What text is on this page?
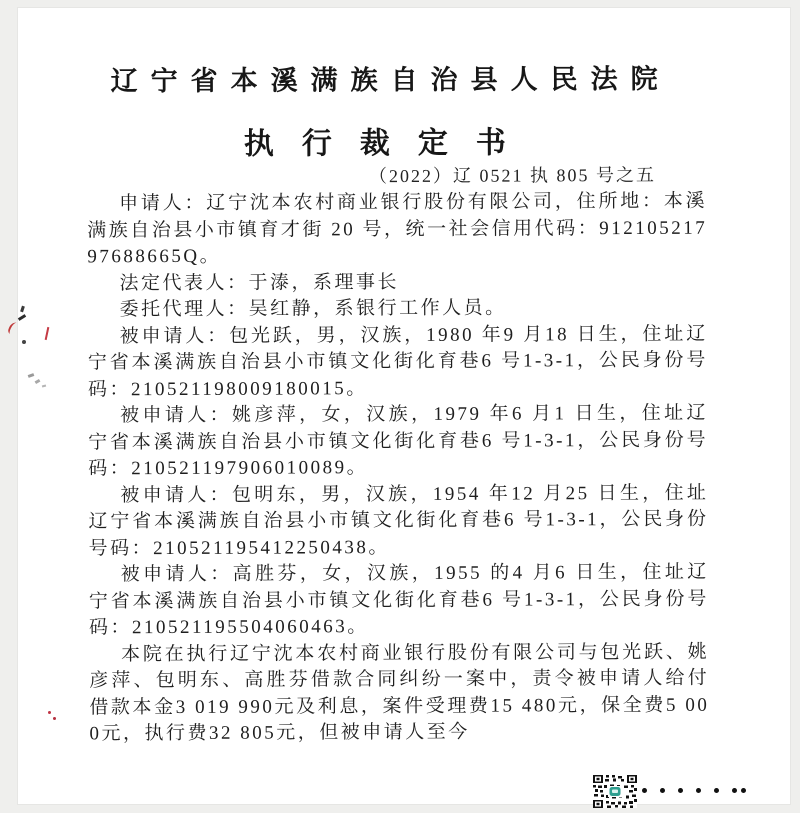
辽宁省本溪满族自治县人民法院
执行裁定书
（2022）辽 0521 执 805 号之五

申请人：辽宁沈本农村商业银行股份有限公司，住所地：本溪满族自治县小市镇育才街 20 号，统一社会信用代码：91210521797688665Q。

法定代表人：于溙，系理事长

委托代理人：吴红静，系银行工作人员。

被申请人：包光跃，男，汉族，1980 年9 月18 日生，住址辽宁省本溪满族自治县小市镇文化街化育巷6 号1-3-1，公民身份号码：210521198009180015。

被申请人：姚彦萍，女，汉族，1979 年6 月1 日生，住址辽宁省本溪满族自治县小市镇文化街化育巷6 号1-3-1，公民身份号码：210521197906010089。

被申请人：包明东，男，汉族，1954 年12 月25 日生，住址辽宁省本溪满族自治县小市镇文化街化育巷6 号1-3-1，公民身份号码：210521195412250438。

被申请人：高胜芬，女，汉族，1955 的4 月6 日生，住址辽宁省本溪满族自治县小市镇文化街化育巷6 号1-3-1，公民身份号码：210521195504060463。

本院在执行辽宁沈本农村商业银行股份有限公司与包光跃、姚彦萍、包明东、高胜芬借款合同纠纷一案中，责令被申请人给付借款本金3 019 990元及利息，案件受理费15 480元，保全费5 000元，执行费32 805元，但被申请人至今
